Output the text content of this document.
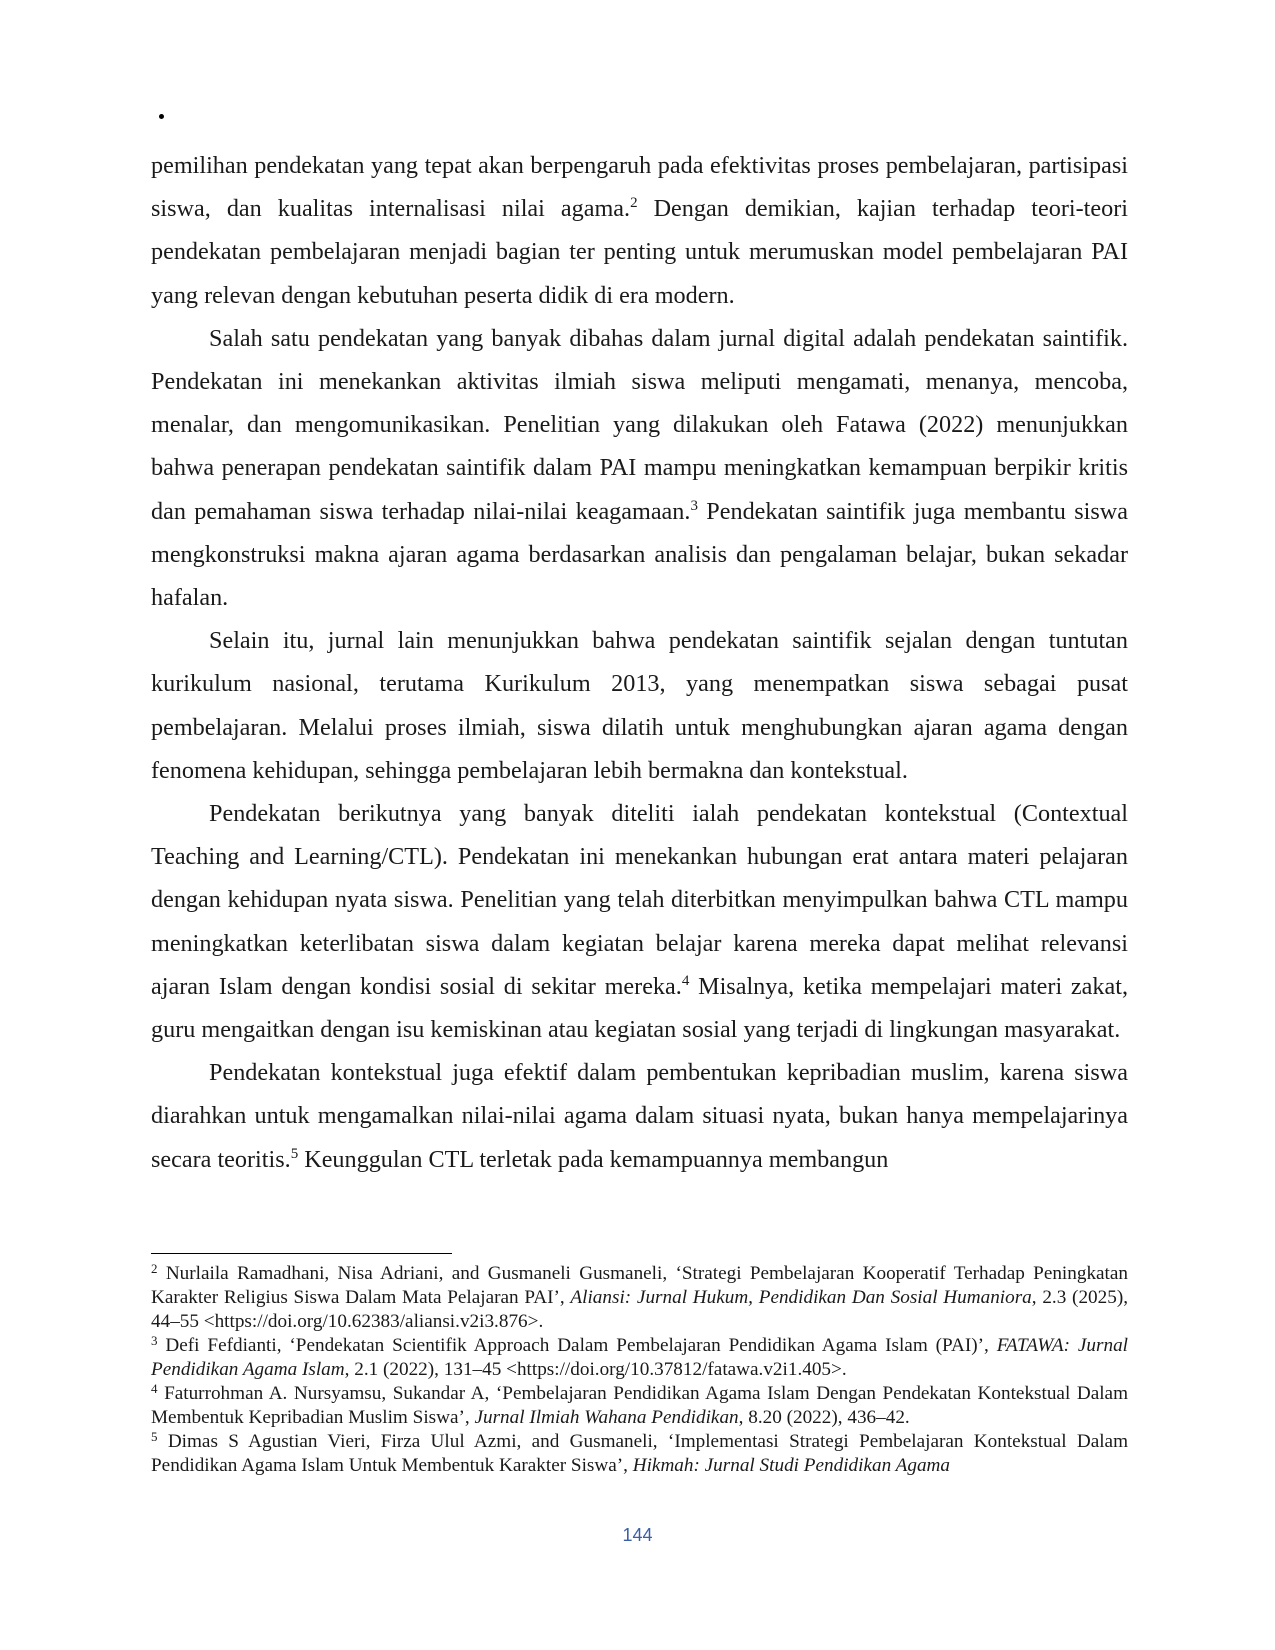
pemilihan pendekatan yang tepat akan berpengaruh pada efektivitas proses pembelajaran, partisipasi siswa, dan kualitas internalisasi nilai agama.$^2$ Dengan demikian, kajian terhadap teori-teori pendekatan pembelajaran menjadi bagian ter penting untuk merumuskan model pembelajaran PAI yang relevan dengan kebutuhan peserta didik di era modern.

Salah satu pendekatan yang banyak dibahas dalam jurnal digital adalah pendekatan saintifik. Pendekatan ini menekankan aktivitas ilmiah siswa meliputi mengamati, menanya, mencoba, menalar, dan mengomunikasikan. Penelitian yang dilakukan oleh Fatawa (2022) menunjukkan bahwa penerapan pendekatan saintifik dalam PAI mampu meningkatkan kemampuan berpikir kritis dan pemahaman siswa terhadap nilai-nilai keagamaan.$^3$ Pendekatan saintifik juga membantu siswa mengkonstruksi makna ajaran agama berdasarkan analisis dan pengalaman belajar, bukan sekadar hafalan.

Selain itu, jurnal lain menunjukkan bahwa pendekatan saintifik sejalan dengan tuntutan kurikulum nasional, terutama Kurikulum 2013, yang menempatkan siswa sebagai pusat pembelajaran. Melalui proses ilmiah, siswa dilatih untuk menghubungkan ajaran agama dengan fenomena kehidupan, sehingga pembelajaran lebih bermakna dan kontekstual.

Pendekatan berikutnya yang banyak diteliti ialah pendekatan kontekstual (Contextual Teaching and Learning/CTL). Pendekatan ini menekankan hubungan erat antara materi pelajaran dengan kehidupan nyata siswa. Penelitian yang telah diterbitkan menyimpulkan bahwa CTL mampu meningkatkan keterlibatan siswa dalam kegiatan belajar karena mereka dapat melihat relevansi ajaran Islam dengan kondisi sosial di sekitar mereka.$^4$ Misalnya, ketika mempelajari materi zakat, guru mengaitkan dengan isu kemiskinan atau kegiatan sosial yang terjadi di lingkungan masyarakat.

Pendekatan kontekstual juga efektif dalam pembentukan kepribadian muslim, karena siswa diarahkan untuk mengamalkan nilai-nilai agama dalam situasi nyata, bukan hanya mempelajarinya secara teoritis.$^5$ Keunggulan CTL terletak pada kemampuannya membangun

$^2$ Nurlaila Ramadhani, Nisa Adriani, and Gusmaneli Gusmaneli, ‘Strategi Pembelajaran Kooperatif Terhadap Peningkatan Karakter Religius Siswa Dalam Mata Pelajaran PAI’, Aliansi: Jurnal Hukum, Pendidikan Dan Sosial Humaniora, 2.3 (2025), 44–55 <https://doi.org/10.62383/aliansi.v2i3.876>.

$^3$ Defi Fefdianti, ‘Pendekatan Scientifik Approach Dalam Pembelajaran Pendidikan Agama Islam (PAI)’, FATAWA: Jurnal Pendidikan Agama Islam, 2.1 (2022), 131–45 <https://doi.org/10.37812/fatawa.v2i1.405>.

$^4$ Faturrohman A. Nursyamsu, Sukandar A, ‘Pembelajaran Pendidikan Agama Islam Dengan Pendekatan Kontekstual Dalam Membentuk Kepribadian Muslim Siswa’, Jurnal Ilmiah Wahana Pendidikan, 8.20 (2022), 436–42.

$^5$ Dimas S Agustian Vieri, Firza Ulul Azmi, and Gusmaneli, ‘Implementasi Strategi Pembelajaran Kontekstual Dalam Pendidikan Agama Islam Untuk Membentuk Karakter Siswa’, Hikmah: Jurnal Studi Pendidikan Agama

144
